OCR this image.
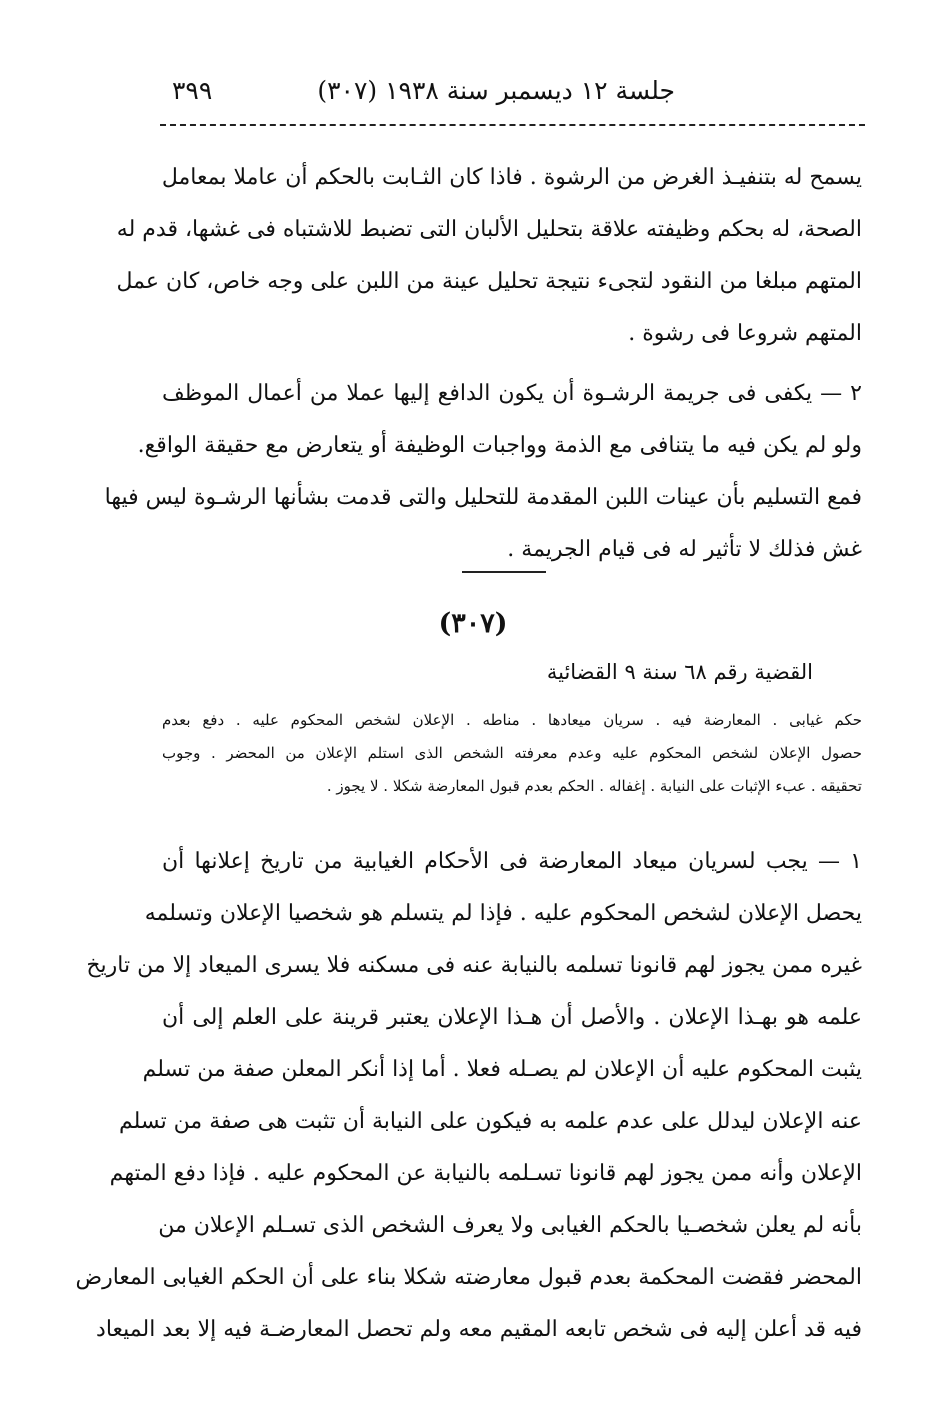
جلسة ١٢ ديسمبر سنة ١٩٣٨ (٣٠٧)
٣٩٩
يسمح له بتنفيـذ الغرض من الرشوة . فاذا كان الثـابت بالحكم أن عاملا بمعامل
الصحة، له بحكم وظيفته علاقة بتحليل الألبان التى تضبط للاشتباه فى غشها، قدم له
المتهم مبلغا من النقود لتجىء نتيجة تحليل عينة من اللبن على وجه خاص، كان عمل
المتهم شروعا فى رشوة .
٢ — يكفى فى جريمة الرشـوة أن يكون الدافع إليها عملا من أعمال الموظف
ولو لم يكن فيه ما يتنافى مع الذمة وواجبات الوظيفة أو يتعارض مع حقيقة الواقع.
فمع التسليم بأن عينات اللبن المقدمة للتحليل والتى قدمت بشأنها الرشـوة ليس فيها
غش فذلك لا تأثير له فى قيام الجريمة .
(٣٠٧)
القضية رقم ٦٨ سنة ٩ القضائية
حكم غيابى . المعارضة فيه . سريان ميعادها . مناطه . الإعلان لشخص المحكوم عليه . دفع بعدم
حصول الإعلان لشخص المحكوم عليه وعدم معرفته الشخص الذى استلم الإعلان من المحضر . وجوب
تحقيقه . عبء الإثبات على النيابة . إغفاله . الحكم بعدم قبول المعارضة شكلا . لا يجوز .
١ — يجب لسريان ميعاد المعارضة فى الأحكام الغيابية من تاريخ إعلانها أن
يحصل الإعلان لشخص المحكوم عليه . فإذا لم يتسلم هو شخصيا الإعلان وتسلمه
غيره ممن يجوز لهم قانونا تسلمه بالنيابة عنه فى مسكنه فلا يسرى الميعاد إلا من تاريخ
علمه هو بهـذا الإعلان . والأصل أن هـذا الإعلان يعتبر قرينة على العلم إلى أن
يثبت المحكوم عليه أن الإعلان لم يصـله فعلا . أما إذا أنكر المعلن صفة من تسلم
عنه الإعلان ليدلل على عدم علمه به فيكون على النيابة أن تثبت هى صفة من تسلم
الإعلان وأنه ممن يجوز لهم قانونا تسـلمه بالنيابة عن المحكوم عليه . فإذا دفع المتهم
بأنه لم يعلن شخصـيا بالحكم الغيابى ولا يعرف الشخص الذى تسـلم الإعلان من
المحضر فقضت المحكمة بعدم قبول معارضته شكلا بناء على أن الحكم الغيابى المعارض
فيه قد أعلن إليه فى شخص تابعه المقيم معه ولم تحصل المعارضـة فيه إلا بعد الميعاد
